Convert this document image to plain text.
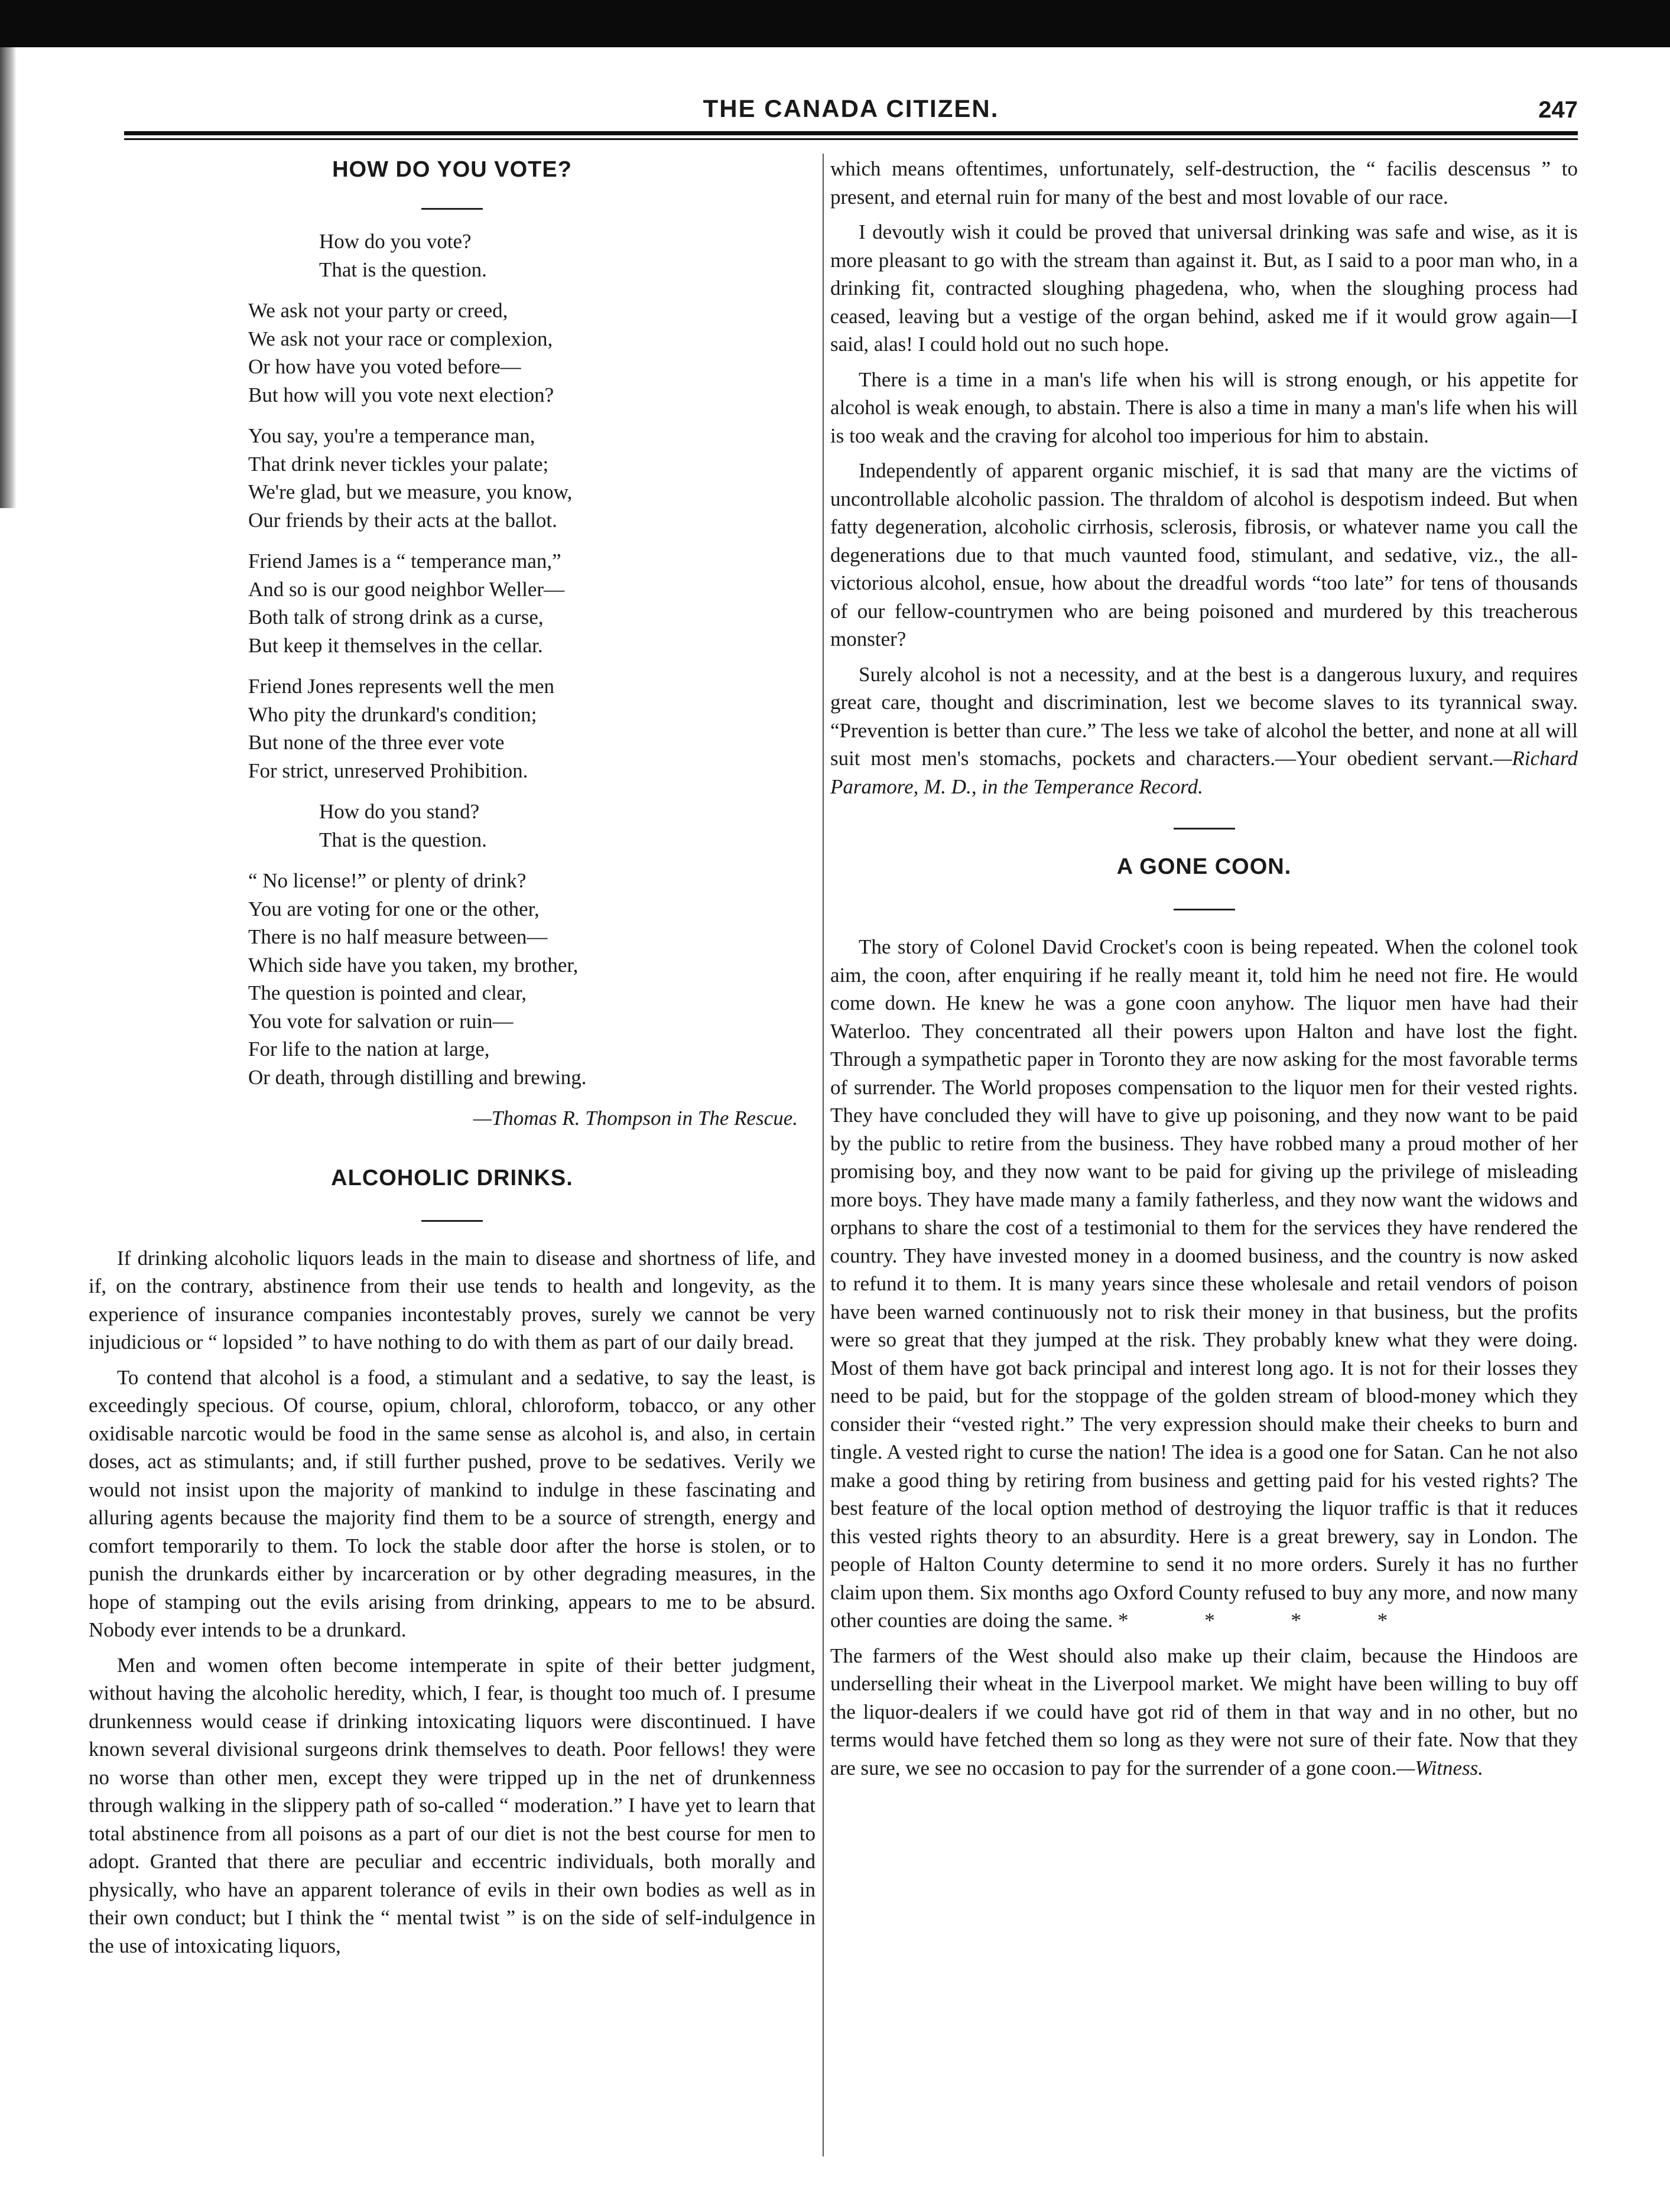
THE CANADA CITIZEN.	247
HOW DO YOU VOTE?

How do you vote?

That is the question.

We ask not your party or creed,

We ask not your race or complexion,

Or how have you voted before—

But how will you vote next election?

You say, you're a temperance man,

That drink never tickles your palate;

We're glad, but we measure, you know,

Our friends by their acts at the ballot.

Friend James is a “ temperance man,”

And so is our good neighbor Weller—

Both talk of strong drink as a curse,

But keep it themselves in the cellar.

Friend Jones represents well the men

Who pity the drunkard's condition;

But none of the three ever vote

For strict, unreserved Prohibition.

How do you stand?

That is the question.

“ No license!” or plenty of drink?

You are voting for one or the other,

There is no half measure between—

Which side have you taken, my brother,

The question is pointed and clear,

You vote for salvation or ruin—

For life to the nation at large,

Or death, through distilling and brewing.

—Thomas R. Thompson in The Rescue.

ALCOHOLIC DRINKS.

If drinking alcoholic liquors leads in the main to disease and shortness of life, and if, on the contrary, abstinence from their use tends to health and longevity, as the experience of insurance companies incontestably proves, surely we cannot be very injudicious or “ lopsided ” to have nothing to do with them as part of our daily bread.

To contend that alcohol is a food, a stimulant and a sedative, to say the least, is exceedingly specious. Of course, opium, chloral, chloroform, tobacco, or any other oxidisable narcotic would be food in the same sense as alcohol is, and also, in certain doses, act as stimulants; and, if still further pushed, prove to be sedatives. Verily we would not insist upon the majority of mankind to indulge in these fascinating and alluring agents because the majority find them to be a source of strength, energy and comfort temporarily to them. To lock the stable door after the horse is stolen, or to punish the drunkards either by incarceration or by other degrading measures, in the hope of stamping out the evils arising from drinking, appears to me to be absurd. Nobody ever intends to be a drunkard.

Men and women often become intemperate in spite of their better judgment, without having the alcoholic heredity, which, I fear, is thought too much of. I presume drunkenness would cease if drinking intoxicating liquors were discontinued. I have known several divisional surgeons drink themselves to death. Poor fellows! they were no worse than other men, except they were tripped up in the net of drunkenness through walking in the slippery path of so-called “ moderation.” I have yet to learn that total abstinence from all poisons as a part of our diet is not the best course for men to adopt. Granted that there are peculiar and eccentric individuals, both morally and physically, who have an apparent tolerance of evils in their own bodies as well as in their own conduct; but I think the “ mental twist ” is on the side of self-indulgence in the use of intoxicating liquors,

which means oftentimes, unfortunately, self-destruction, the “ facilis descensus ” to present, and eternal ruin for many of the best and most lovable of our race.

I devoutly wish it could be proved that universal drinking was safe and wise, as it is more pleasant to go with the stream than against it. But, as I said to a poor man who, in a drinking fit, contracted sloughing phagedena, who, when the sloughing process had ceased, leaving but a vestige of the organ behind, asked me if it would grow again—I said, alas! I could hold out no such hope.

There is a time in a man's life when his will is strong enough, or his appetite for alcohol is weak enough, to abstain. There is also a time in many a man's life when his will is too weak and the craving for alcohol too imperious for him to abstain.

Independently of apparent organic mischief, it is sad that many are the victims of uncontrollable alcoholic passion. The thraldom of alcohol is despotism indeed. But when fatty degeneration, alcoholic cirrhosis, sclerosis, fibrosis, or whatever name you call the degenerations due to that much vaunted food, stimulant, and sedative, viz., the all-victorious alcohol, ensue, how about the dreadful words “too late” for tens of thousands of our fellow-countrymen who are being poisoned and murdered by this treacherous monster?

Surely alcohol is not a necessity, and at the best is a dangerous luxury, and requires great care, thought and discrimination, lest we become slaves to its tyrannical sway. “Prevention is better than cure.” The less we take of alcohol the better, and none at all will suit most men's stomachs, pockets and characters.—Your obedient servant.—Richard Paramore, M. D., in the Temperance Record.

A GONE COON.

The story of Colonel David Crocket's coon is being repeated. When the colonel took aim, the coon, after enquiring if he really meant it, told him he need not fire. He would come down. He knew he was a gone coon anyhow. The liquor men have had their Waterloo. They concentrated all their powers upon Halton and have lost the fight. Through a sympathetic paper in Toronto they are now asking for the most favorable terms of surrender. The World proposes compensation to the liquor men for their vested rights. They have concluded they will have to give up poisoning, and they now want to be paid by the public to retire from the business. They have robbed many a proud mother of her promising boy, and they now want to be paid for giving up the privilege of misleading more boys. They have made many a family fatherless, and they now want the widows and orphans to share the cost of a testimonial to them for the services they have rendered the country. They have invested money in a doomed business, and the country is now asked to refund it to them. It is many years since these wholesale and retail vendors of poison have been warned continuously not to risk their money in that business, but the profits were so great that they jumped at the risk. They probably knew what they were doing. Most of them have got back principal and interest long ago. It is not for their losses they need to be paid, but for the stoppage of the golden stream of blood-money which they consider their “vested right.” The very expression should make their cheeks to burn and tingle. A vested right to curse the nation! The idea is a good one for Satan. Can he not also make a good thing by retiring from business and getting paid for his vested rights? The best feature of the local option method of destroying the liquor traffic is that it reduces this vested rights theory to an absurdity. Here is a great brewery, say in London. The people of Halton County determine to send it no more orders. Surely it has no further claim upon them. Six months ago Oxford County refused to buy any more, and now many other counties are doing the same. * * * *

The farmers of the West should also make up their claim, because the Hindoos are underselling their wheat in the Liverpool market. We might have been willing to buy off the liquor-dealers if we could have got rid of them in that way and in no other, but no terms would have fetched them so long as they were not sure of their fate. Now that they are sure, we see no occasion to pay for the surrender of a gone coon.—Witness.
